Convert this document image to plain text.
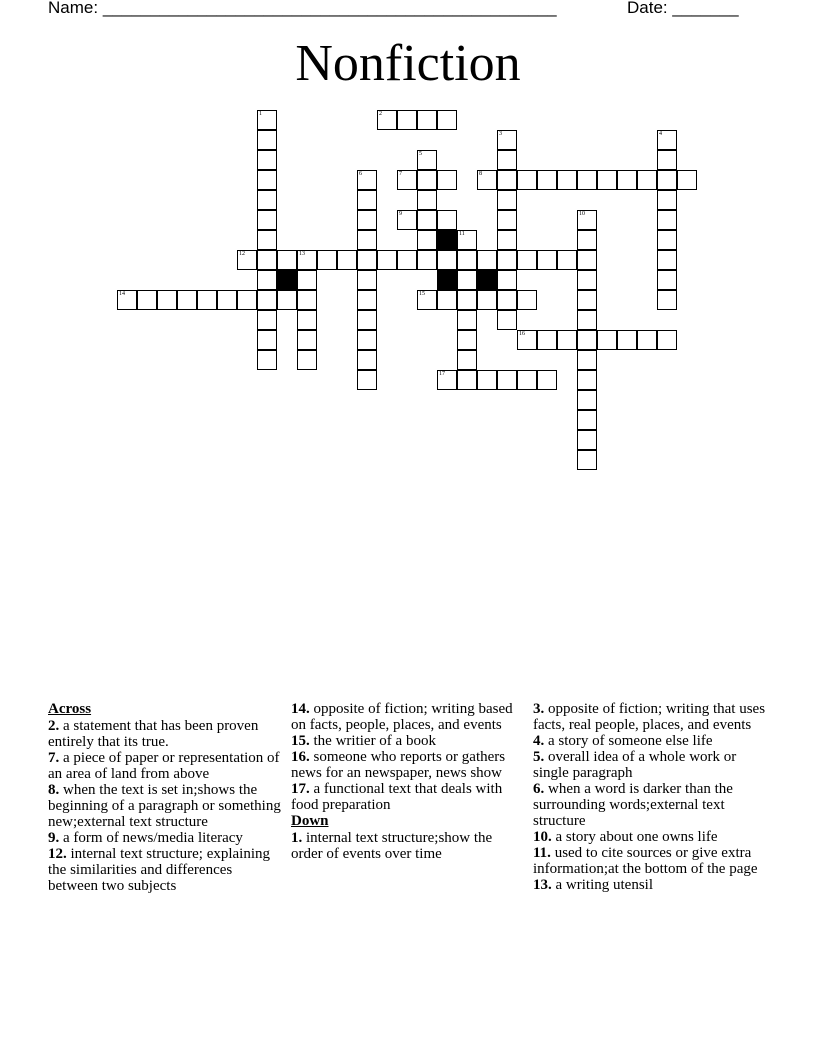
Name: ________________________________________________	Date: _______
Nonfiction
1	2
3	4
5
6	7	8
9	10
11
12	13
14	15
16
17
Across
2. a statement that has been proven entirely that its true.
7. a piece of paper or representation of an area of land from above
8. when the text is set in;shows the beginning of a paragraph or something new;external text structure
9. a form of news/media literacy
12. internal text structure; explaining the similarities and differences between two subjects
14. opposite of fiction; writing based on facts, people, places, and events
15. the writier of a book
16. someone who reports or gathers news for an newspaper, news show
17. a functional text that deals with food preparation
Down
1. internal text structure;show the order of events over time
3. opposite of fiction; writing that uses facts, real people, places, and events
4. a story of someone else life
5. overall idea of a whole work or single paragraph
6. when a word is darker than the surrounding words;external text structure
10. a story about one owns life
11. used to cite sources or give extra information;at the bottom of the page
13. a writing utensil
